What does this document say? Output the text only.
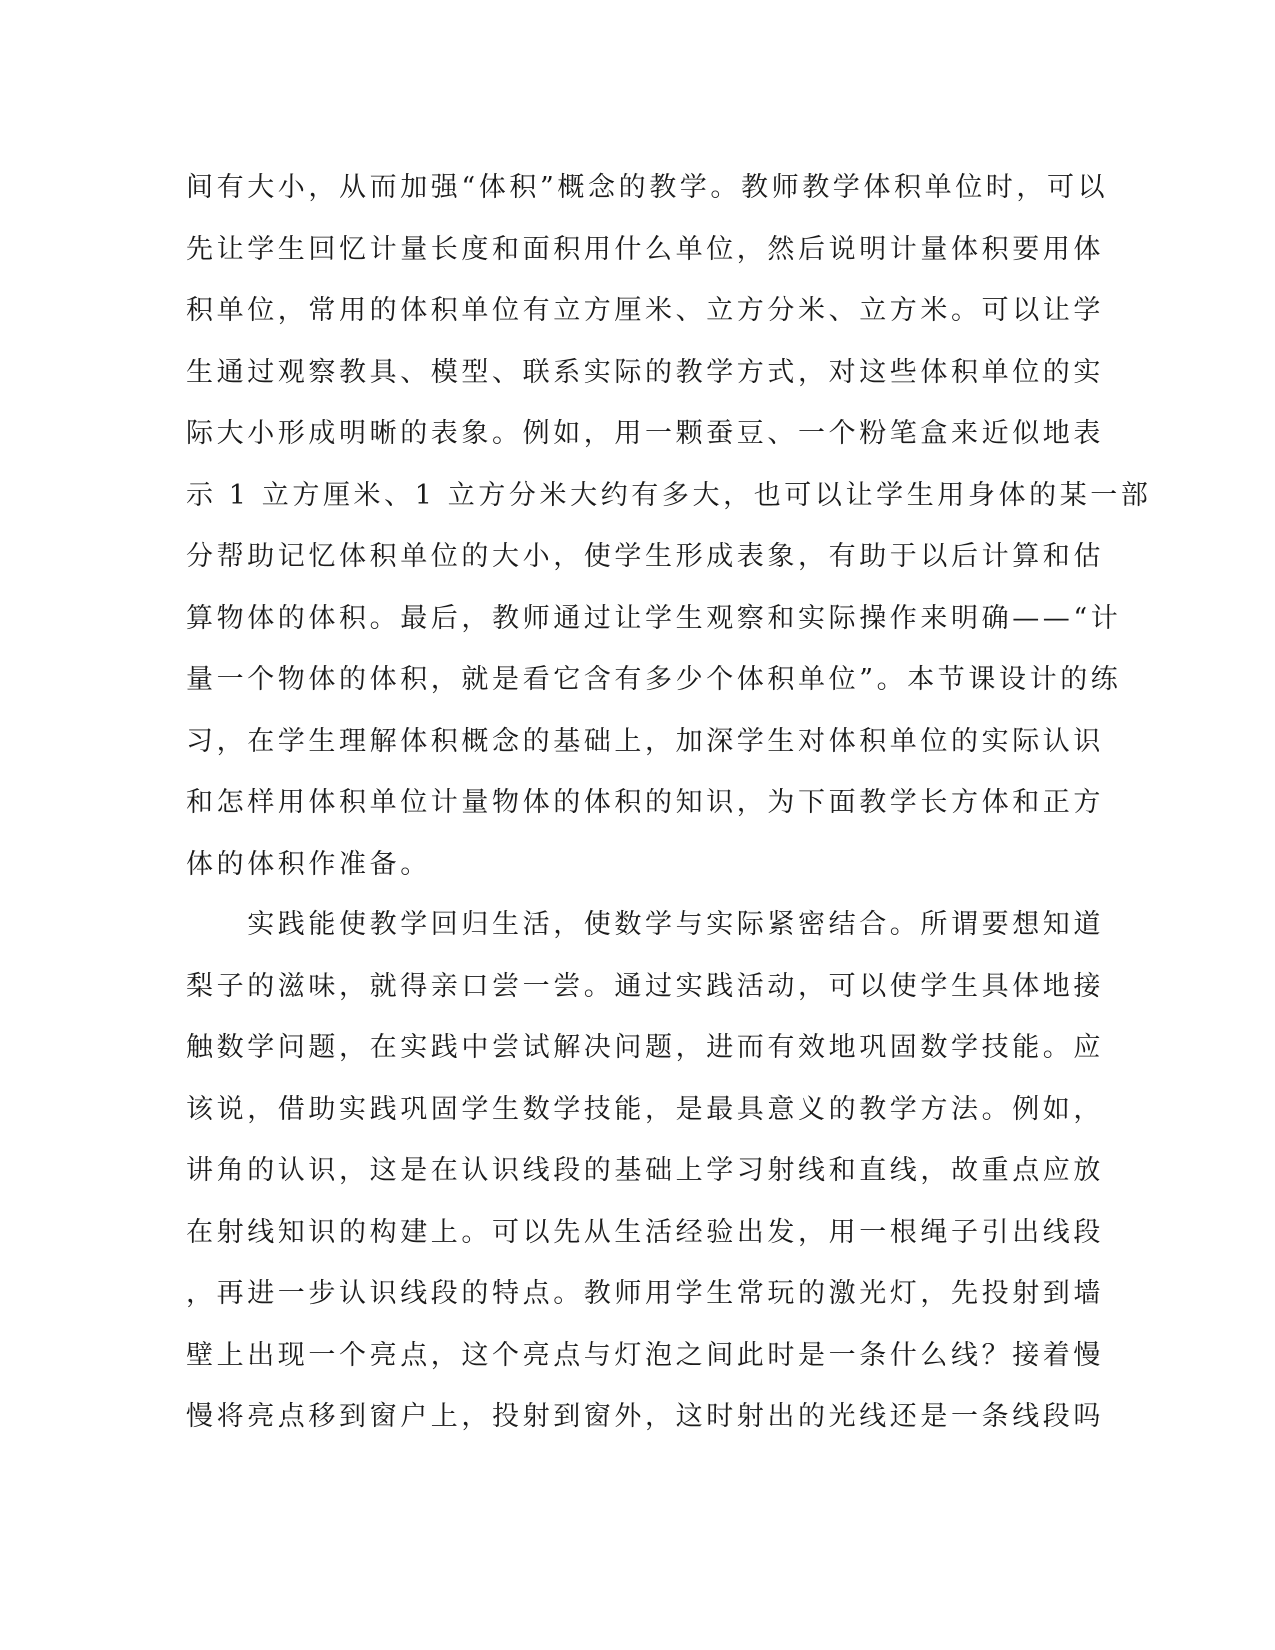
间有大小，从而加强“体积”概念的教学。教师教学体积单位时，可以
先让学生回忆计量长度和面积用什么单位，然后说明计量体积要用体
积单位，常用的体积单位有立方厘米、立方分米、立方米。可以让学
生通过观察教具、模型、联系实际的教学方式，对这些体积单位的实
际大小形成明晰的表象。例如，用一颗蚕豆、一个粉笔盒来近似地表
示 1 立方厘米、1 立方分米大约有多大，也可以让学生用身体的某一部
分帮助记忆体积单位的大小，使学生形成表象，有助于以后计算和估
算物体的体积。最后，教师通过让学生观察和实际操作来明确——“计
量一个物体的体积，就是看它含有多少个体积单位”。本节课设计的练
习，在学生理解体积概念的基础上，加深学生对体积单位的实际认识
和怎样用体积单位计量物体的体积的知识，为下面教学长方体和正方
体的体积作准备。
　　实践能使教学回归生活，使数学与实际紧密结合。所谓要想知道
梨子的滋味，就得亲口尝一尝。通过实践活动，可以使学生具体地接
触数学问题，在实践中尝试解决问题，进而有效地巩固数学技能。应
该说，借助实践巩固学生数学技能，是最具意义的教学方法。例如，
讲角的认识，这是在认识线段的基础上学习射线和直线，故重点应放
在射线知识的构建上。可以先从生活经验出发，用一根绳子引出线段
，再进一步认识线段的特点。教师用学生常玩的激光灯，先投射到墙
壁上出现一个亮点，这个亮点与灯泡之间此时是一条什么线？接着慢
慢将亮点移到窗户上，投射到窗外，这时射出的光线还是一条线段吗
